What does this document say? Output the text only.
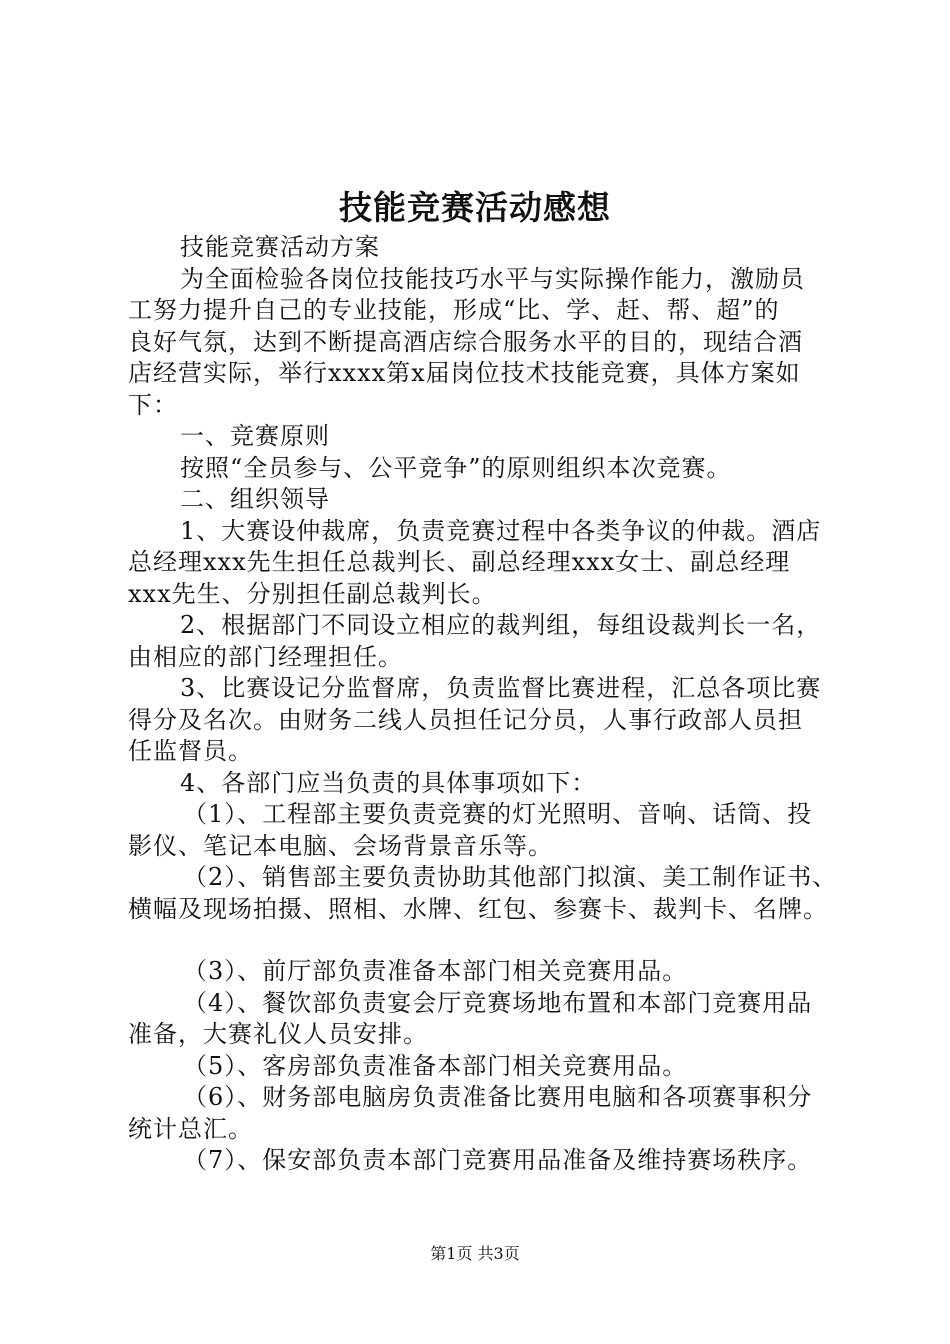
技能竞赛活动感想
技能竞赛活动方案
为全面检验各岗位技能技巧水平与实际操作能力，激励员
工努力提升自己的专业技能，形成“比、学、赶、帮、超”的
良好气氛，达到不断提高酒店综合服务水平的目的，现结合酒
店经营实际，举行xxxx第x届岗位技术技能竞赛，具体方案如
下：
一、竞赛原则
按照“全员参与、公平竞争”的原则组织本次竞赛。
二、组织领导
1、大赛设仲裁席，负责竞赛过程中各类争议的仲裁。酒店
总经理xxx先生担任总裁判长、副总经理xxx女士、副总经理
xxx先生、分别担任副总裁判长。
2、根据部门不同设立相应的裁判组，每组设裁判长一名，
由相应的部门经理担任。
3、比赛设记分监督席，负责监督比赛进程，汇总各项比赛
得分及名次。由财务二线人员担任记分员，人事行政部人员担
任监督员。
4、各部门应当负责的具体事项如下：
（1）、工程部主要负责竞赛的灯光照明、音响、话筒、投
影仪、笔记本电脑、会场背景音乐等。
（2）、销售部主要负责协助其他部门拟演、美工制作证书、
横幅及现场拍摄、照相、水牌、红包、参赛卡、裁判卡、名牌。
（3）、前厅部负责准备本部门相关竞赛用品。
（4）、餐饮部负责宴会厅竞赛场地布置和本部门竞赛用品
准备，大赛礼仪人员安排。
（5）、客房部负责准备本部门相关竞赛用品。
（6）、财务部电脑房负责准备比赛用电脑和各项赛事积分
统计总汇。
（7）、保安部负责本部门竞赛用品准备及维持赛场秩序。
第1页 共3页
